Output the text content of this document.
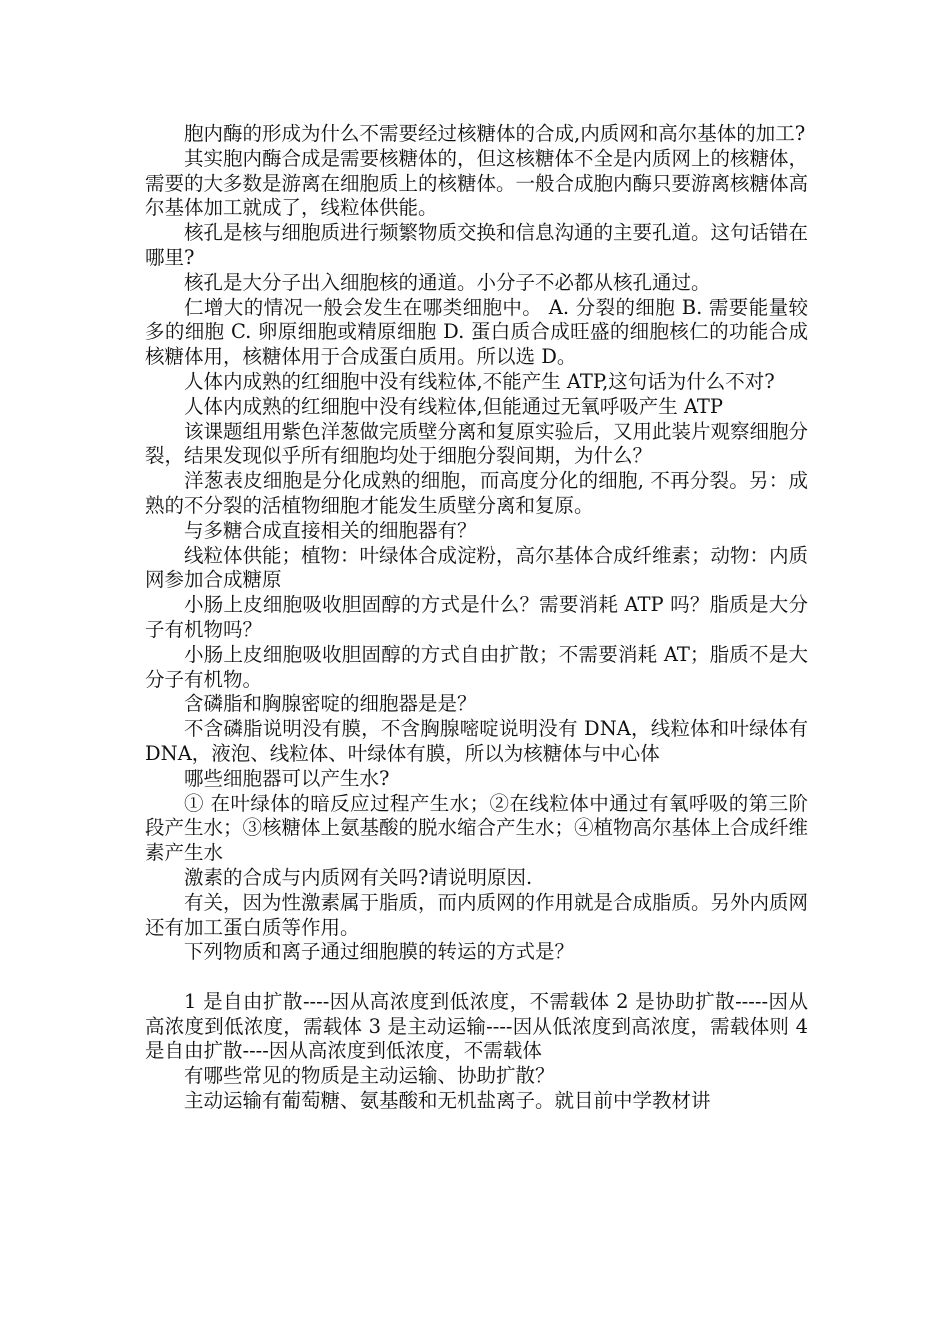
胞内酶的形成为什么不需要经过核糖体的合成,内质网和高尔基体的加工?

其实胞内酶合成是需要核糖体的，但这核糖体不全是内质网上的核糖体，需要的大多数是游离在细胞质上的核糖体。一般合成胞内酶只要游离核糖体高尔基体加工就成了，线粒体供能。

核孔是核与细胞质进行频繁物质交换和信息沟通的主要孔道。这句话错在哪里?

核孔是大分子出入细胞核的通道。小分子不必都从核孔通过。

仁增大的情况一般会发生在哪类细胞中。 A. 分裂的细胞 B. 需要能量较多的细胞 C. 卵原细胞或精原细胞 D. 蛋白质合成旺盛的细胞核仁的功能合成核糖体用，核糖体用于合成蛋白质用。所以选 D。

人体内成熟的红细胞中没有线粒体,不能产生 ATP,这句话为什么不对?

人体内成熟的红细胞中没有线粒体,但能通过无氧呼吸产生 ATP

该课题组用紫色洋葱做完质壁分离和复原实验后，又用此装片观察细胞分裂，结果发现似乎所有细胞均处于细胞分裂间期，为什么？

洋葱表皮细胞是分化成熟的细胞，而高度分化的细胞, 不再分裂。另：成熟的不分裂的活植物细胞才能发生质壁分离和复原。

与多糖合成直接相关的细胞器有？

线粒体供能；植物：叶绿体合成淀粉，高尔基体合成纤维素；动物：内质网参加合成糖原

小肠上皮细胞吸收胆固醇的方式是什么？需要消耗 ATP 吗？脂质是大分子有机物吗？

小肠上皮细胞吸收胆固醇的方式自由扩散；不需要消耗 AT；脂质不是大分子有机物。

含磷脂和胸腺密啶的细胞器是是？

不含磷脂说明没有膜，不含胸腺嘧啶说明没有 DNA，线粒体和叶绿体有 DNA，液泡、线粒体、叶绿体有膜，所以为核糖体与中心体

哪些细胞器可以产生水?

① 在叶绿体的暗反应过程产生水；②在线粒体中通过有氧呼吸的第三阶段产生水；③核糖体上氨基酸的脱水缩合产生水；④植物高尔基体上合成纤维素产生水

激素的合成与内质网有关吗?请说明原因.

有关，因为性激素属于脂质，而内质网的作用就是合成脂质。另外内质网还有加工蛋白质等作用。

下列物质和离子通过细胞膜的转运的方式是？

1 是自由扩散----因从高浓度到低浓度，不需载体 2 是协助扩散-----因从高浓度到低浓度，需载体 3 是主动运输----因从低浓度到高浓度，需载体则 4 是自由扩散----因从高浓度到低浓度，不需载体

有哪些常见的物质是主动运输、协助扩散？

主动运输有葡萄糖、氨基酸和无机盐离子。就目前中学教材讲
